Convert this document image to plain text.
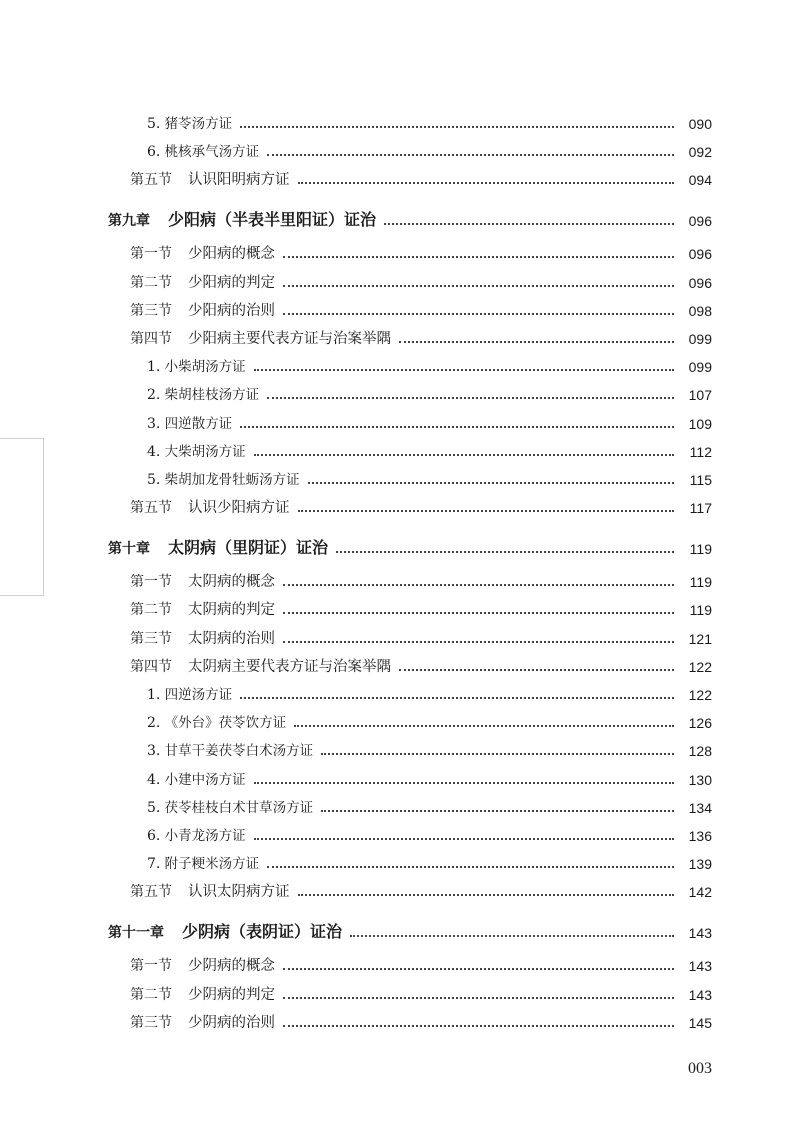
5. 猪苓汤方证	090
6. 桃核承气汤方证	092
第五节 认识阳明病方证	094
第九章 少阳病（半表半里阳证）证治	096
第一节 少阳病的概念	096
第二节 少阳病的判定	096
第三节 少阳病的治则	098
第四节 少阳病主要代表方证与治案举隅	099
1. 小柴胡汤方证	099
2. 柴胡桂枝汤方证	107
3. 四逆散方证	109
4. 大柴胡汤方证	112
5. 柴胡加龙骨牡蛎汤方证	115
第五节 认识少阳病方证	117
第十章 太阴病（里阴证）证治	119
第一节 太阴病的概念	119
第二节 太阴病的判定	119
第三节 太阴病的治则	121
第四节 太阴病主要代表方证与治案举隅	122
1. 四逆汤方证	122
2. 《外台》茯苓饮方证	126
3. 甘草干姜茯苓白术汤方证	128
4. 小建中汤方证	130
5. 茯苓桂枝白术甘草汤方证	134
6. 小青龙汤方证	136
7. 附子粳米汤方证	139
第五节 认识太阴病方证	142
第十一章 少阴病（表阴证）证治	143
第一节 少阴病的概念	143
第二节 少阴病的判定	143
第三节 少阴病的治则	145
003
